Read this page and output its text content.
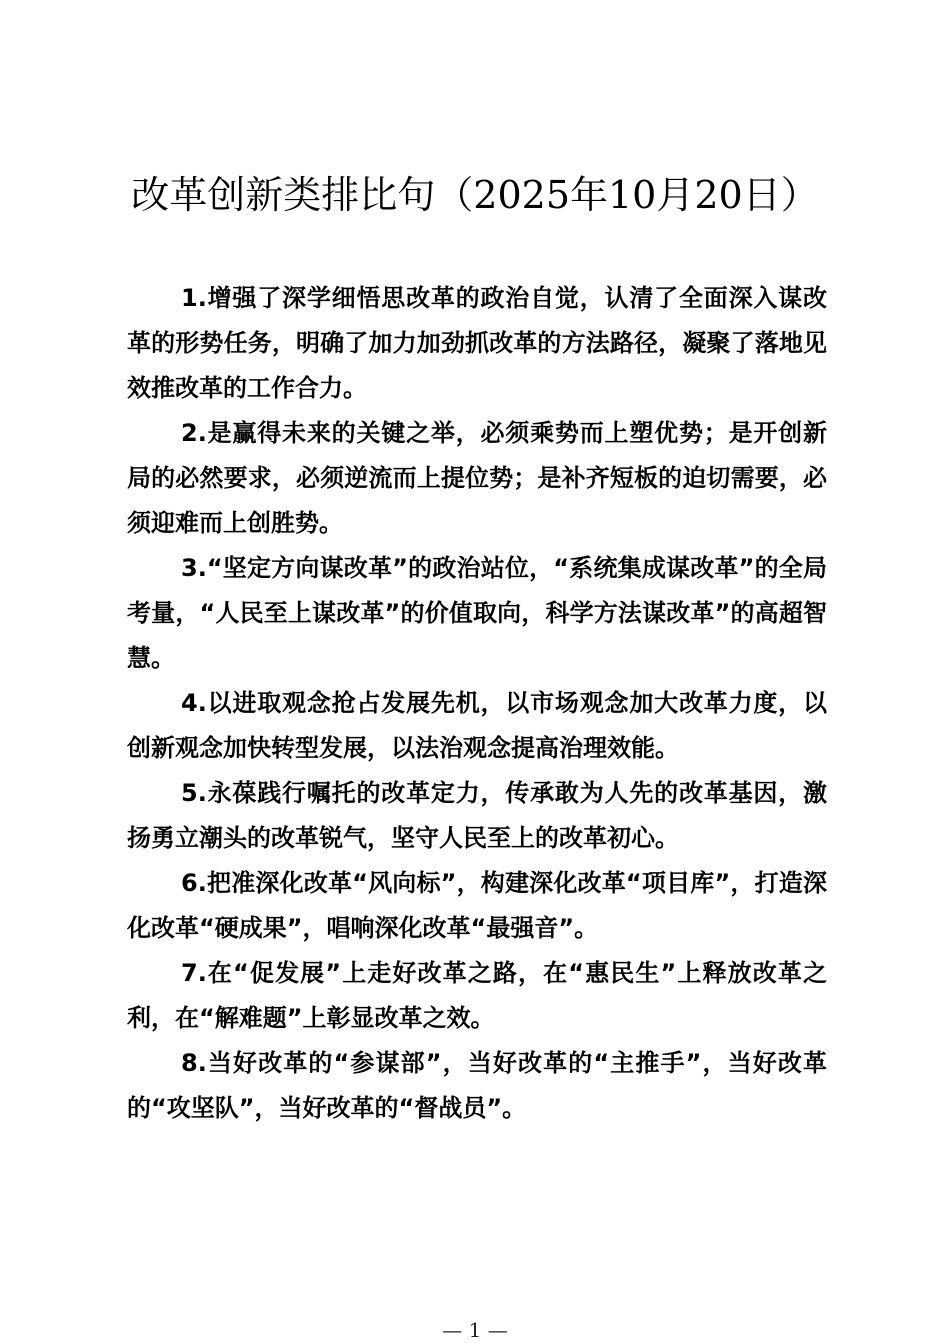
改革创新类排比句（2025年10月20日）

1.增强了深学细悟思改革的政治自觉，认清了全面深入谋改革的形势任务，明确了加力加劲抓改革的方法路径，凝聚了落地见效推改革的工作合力。

2.是赢得未来的关键之举，必须乘势而上塑优势；是开创新局的必然要求，必须逆流而上提位势；是补齐短板的迫切需要，必须迎难而上创胜势。

3.“坚定方向谋改革”的政治站位，“系统集成谋改革”的全局考量，“人民至上谋改革”的价值取向，科学方法谋改革”的高超智慧。

4.以进取观念抢占发展先机，以市场观念加大改革力度，以创新观念加快转型发展，以法治观念提高治理效能。

5.永葆践行嘱托的改革定力，传承敢为人先的改革基因，激扬勇立潮头的改革锐气，坚守人民至上的改革初心。

6.把准深化改革“风向标”，构建深化改革“项目库”，打造深化改革“硬成果”，唱响深化改革“最强音”。

7.在“促发展”上走好改革之路，在“惠民生”上释放改革之利，在“解难题”上彰显改革之效。

8.当好改革的“参谋部”，当好改革的“主推手”，当好改革的“攻坚队”，当好改革的“督战员”。

— 1 —
